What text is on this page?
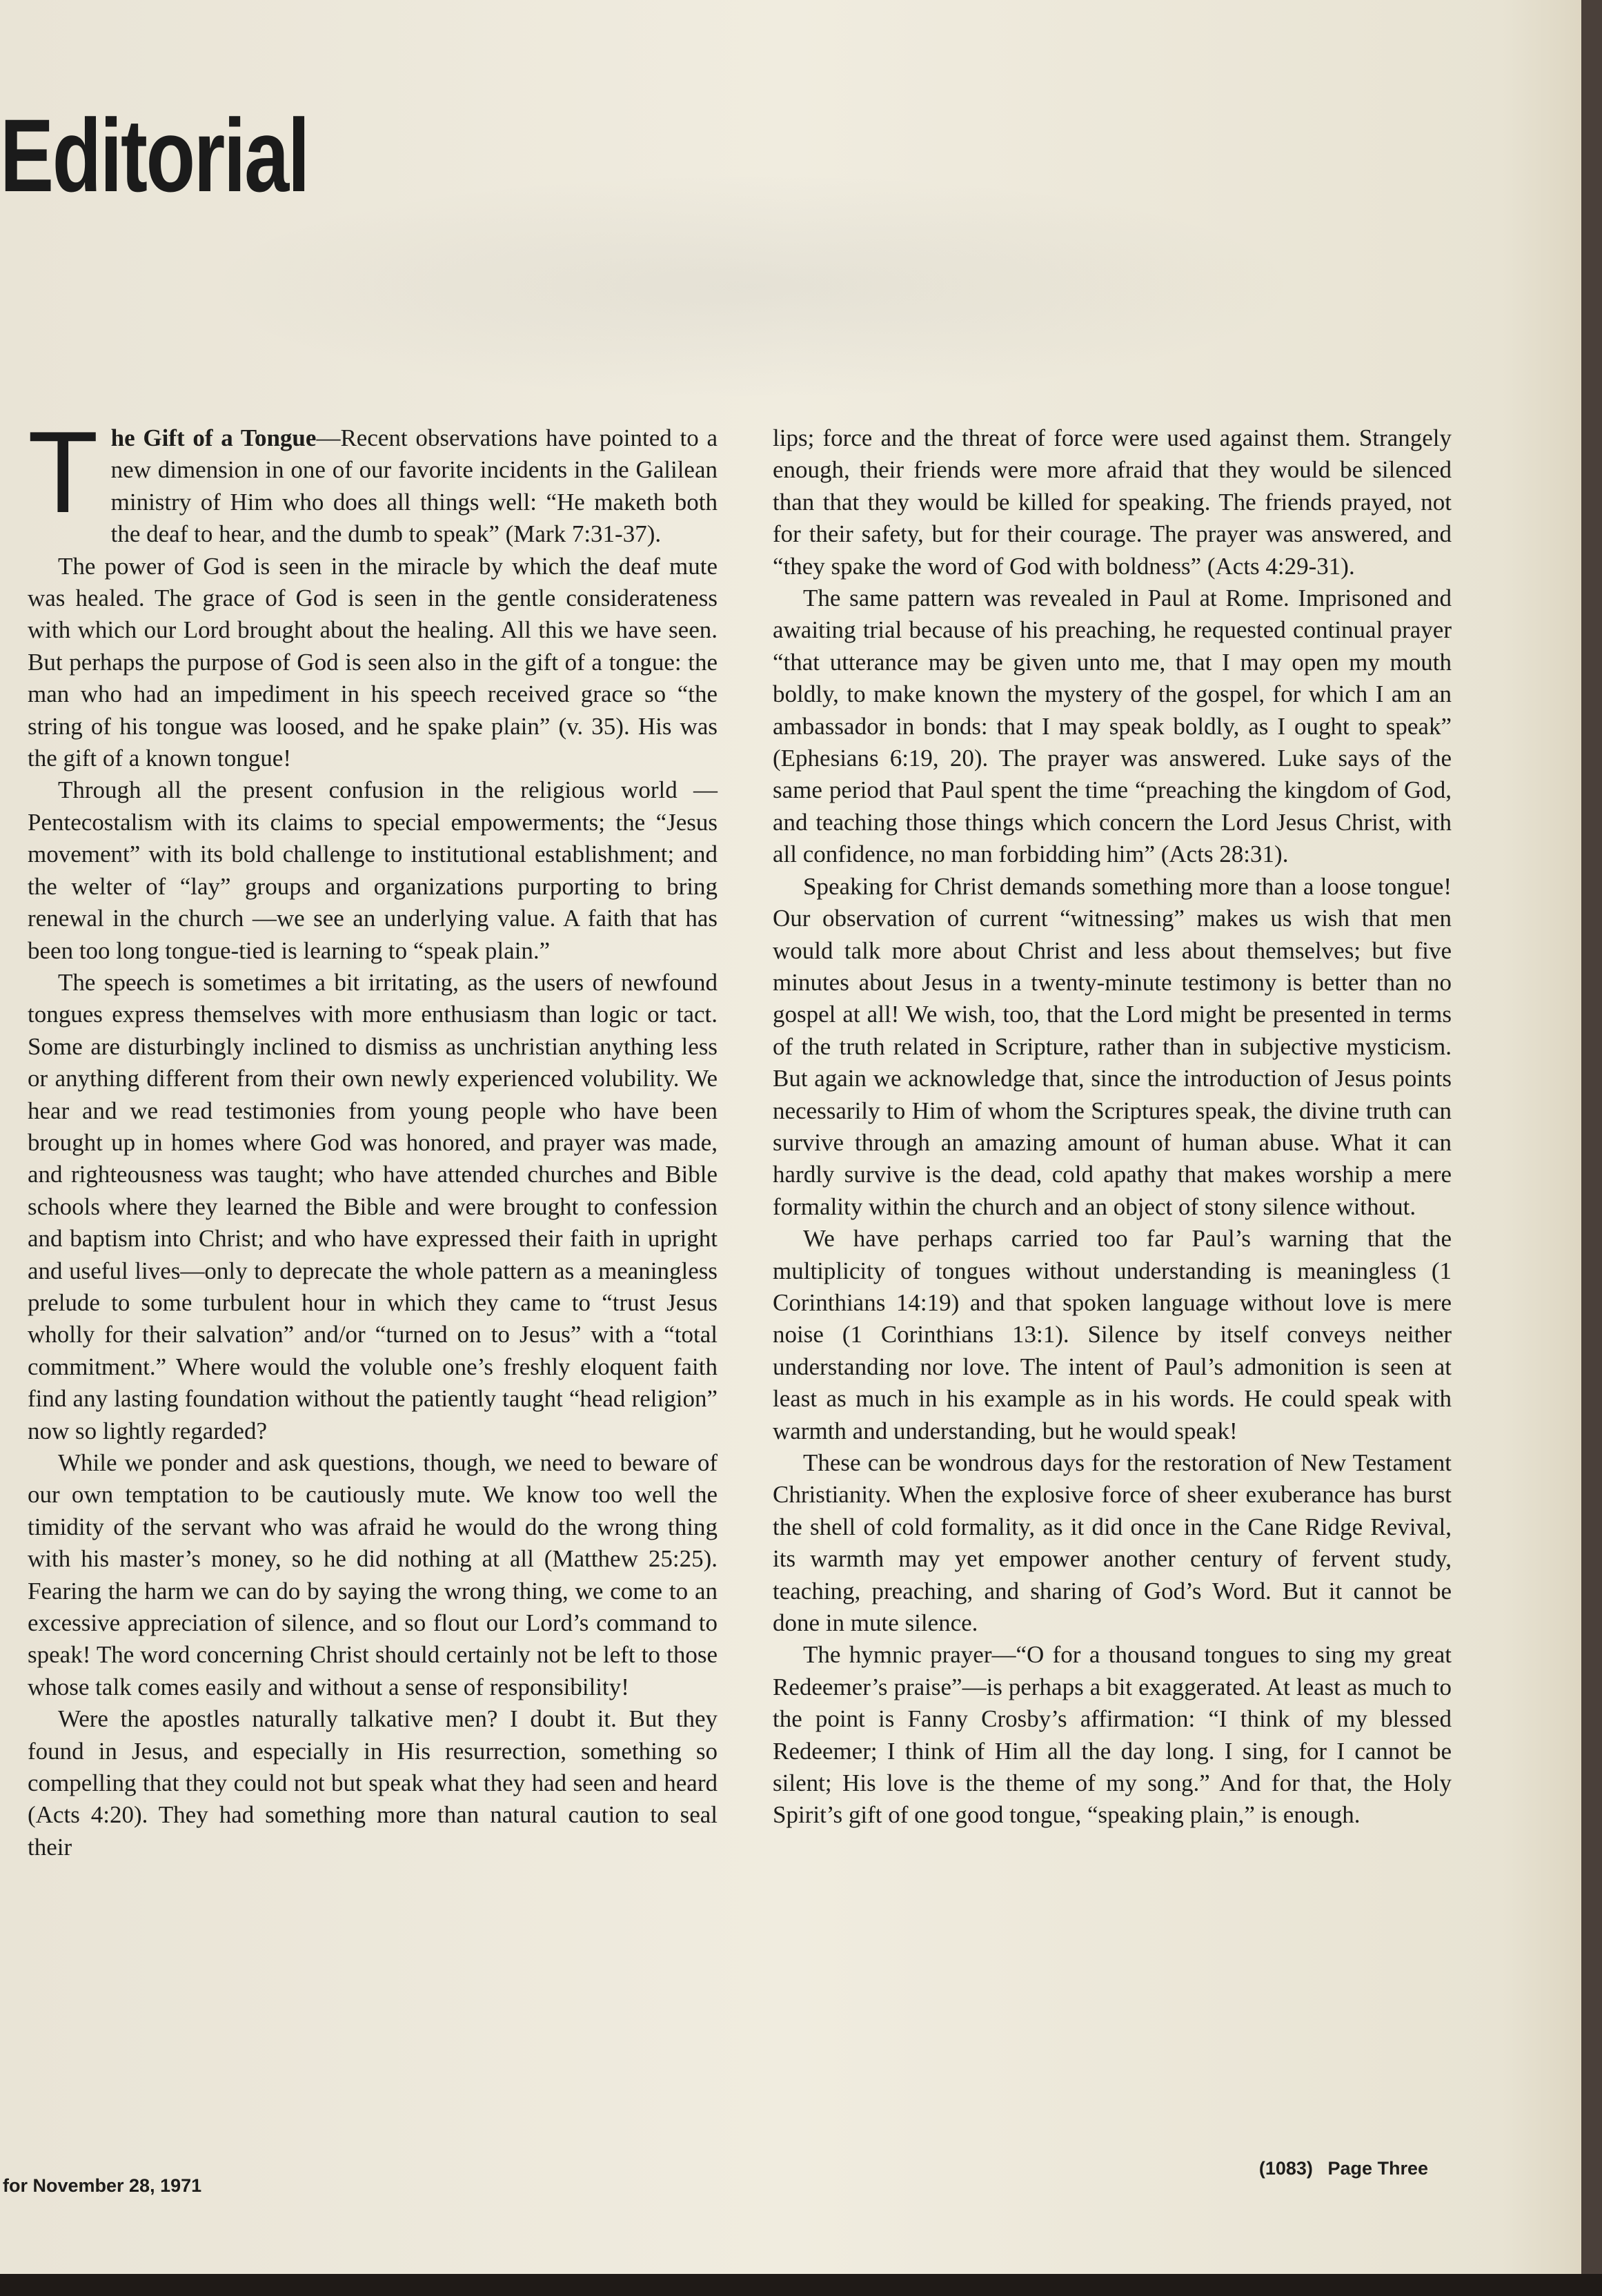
Editorial

The Gift of a Tongue—Recent observations have pointed to a new dimension in one of our favorite incidents in the Galilean ministry of Him who does all things well: “He maketh both the deaf to hear, and the dumb to speak” (Mark 7:31-37).

The power of God is seen in the miracle by which the deaf mute was healed. The grace of God is seen in the gentle considerateness with which our Lord brought about the healing. All this we have seen. But perhaps the purpose of God is seen also in the gift of a tongue: the man who had an impediment in his speech received grace so “the string of his tongue was loosed, and he spake plain” (v. 35). His was the gift of a known tongue!

Through all the present confusion in the religious world —Pentecostalism with its claims to special empowerments; the “Jesus movement” with its bold challenge to institutional establishment; and the welter of “lay” groups and organizations purporting to bring renewal in the church —we see an underlying value. A faith that has been too long tongue-tied is learning to “speak plain.”

The speech is sometimes a bit irritating, as the users of newfound tongues express themselves with more enthusiasm than logic or tact. Some are disturbingly inclined to dismiss as unchristian anything less or anything different from their own newly experienced volubility. We hear and we read testimonies from young people who have been brought up in homes where God was honored, and prayer was made, and righteousness was taught; who have attended churches and Bible schools where they learned the Bible and were brought to confession and baptism into Christ; and who have expressed their faith in upright and useful lives—only to deprecate the whole pattern as a meaningless prelude to some turbulent hour in which they came to “trust Jesus wholly for their salvation” and/or “turned on to Jesus” with a “total commitment.” Where would the voluble one’s freshly eloquent faith find any lasting foundation without the patiently taught “head religion” now so lightly regarded?

While we ponder and ask questions, though, we need to beware of our own temptation to be cautiously mute. We know too well the timidity of the servant who was afraid he would do the wrong thing with his master’s money, so he did nothing at all (Matthew 25:25). Fearing the harm we can do by saying the wrong thing, we come to an excessive appreciation of silence, and so flout our Lord’s command to speak! The word concerning Christ should certainly not be left to those whose talk comes easily and without a sense of responsibility!

Were the apostles naturally talkative men? I doubt it. But they found in Jesus, and especially in His resurrection, something so compelling that they could not but speak what they had seen and heard (Acts 4:20). They had something more than natural caution to seal their

lips; force and the threat of force were used against them. Strangely enough, their friends were more afraid that they would be silenced than that they would be killed for speaking. The friends prayed, not for their safety, but for their courage. The prayer was answered, and “they spake the word of God with boldness” (Acts 4:29-31).

The same pattern was revealed in Paul at Rome. Imprisoned and awaiting trial because of his preaching, he requested continual prayer “that utterance may be given unto me, that I may open my mouth boldly, to make known the mystery of the gospel, for which I am an ambassador in bonds: that I may speak boldly, as I ought to speak” (Ephesians 6:19, 20). The prayer was answered. Luke says of the same period that Paul spent the time “preaching the kingdom of God, and teaching those things which concern the Lord Jesus Christ, with all confidence, no man forbidding him” (Acts 28:31).

Speaking for Christ demands something more than a loose tongue! Our observation of current “witnessing” makes us wish that men would talk more about Christ and less about themselves; but five minutes about Jesus in a twenty-minute testimony is better than no gospel at all! We wish, too, that the Lord might be presented in terms of the truth related in Scripture, rather than in subjective mysticism. But again we acknowledge that, since the introduction of Jesus points necessarily to Him of whom the Scriptures speak, the divine truth can survive through an amazing amount of human abuse. What it can hardly survive is the dead, cold apathy that makes worship a mere formality within the church and an object of stony silence without.

We have perhaps carried too far Paul’s warning that the multiplicity of tongues without understanding is meaningless (1 Corinthians 14:19) and that spoken language without love is mere noise (1 Corinthians 13:1). Silence by itself conveys neither understanding nor love. The intent of Paul’s admonition is seen at least as much in his example as in his words. He could speak with warmth and understanding, but he would speak!

These can be wondrous days for the restoration of New Testament Christianity. When the explosive force of sheer exuberance has burst the shell of cold formality, as it did once in the Cane Ridge Revival, its warmth may yet empower another century of fervent study, teaching, preaching, and sharing of God’s Word. But it cannot be done in mute silence.

The hymnic prayer—“O for a thousand tongues to sing my great Redeemer’s praise”—is perhaps a bit exaggerated. At least as much to the point is Fanny Crosby’s affirmation: “I think of my blessed Redeemer; I think of Him all the day long. I sing, for I cannot be silent; His love is the theme of my song.” And for that, the Holy Spirit’s gift of one good tongue, “speaking plain,” is enough.

for November 28, 1971
(1083) Page Three
